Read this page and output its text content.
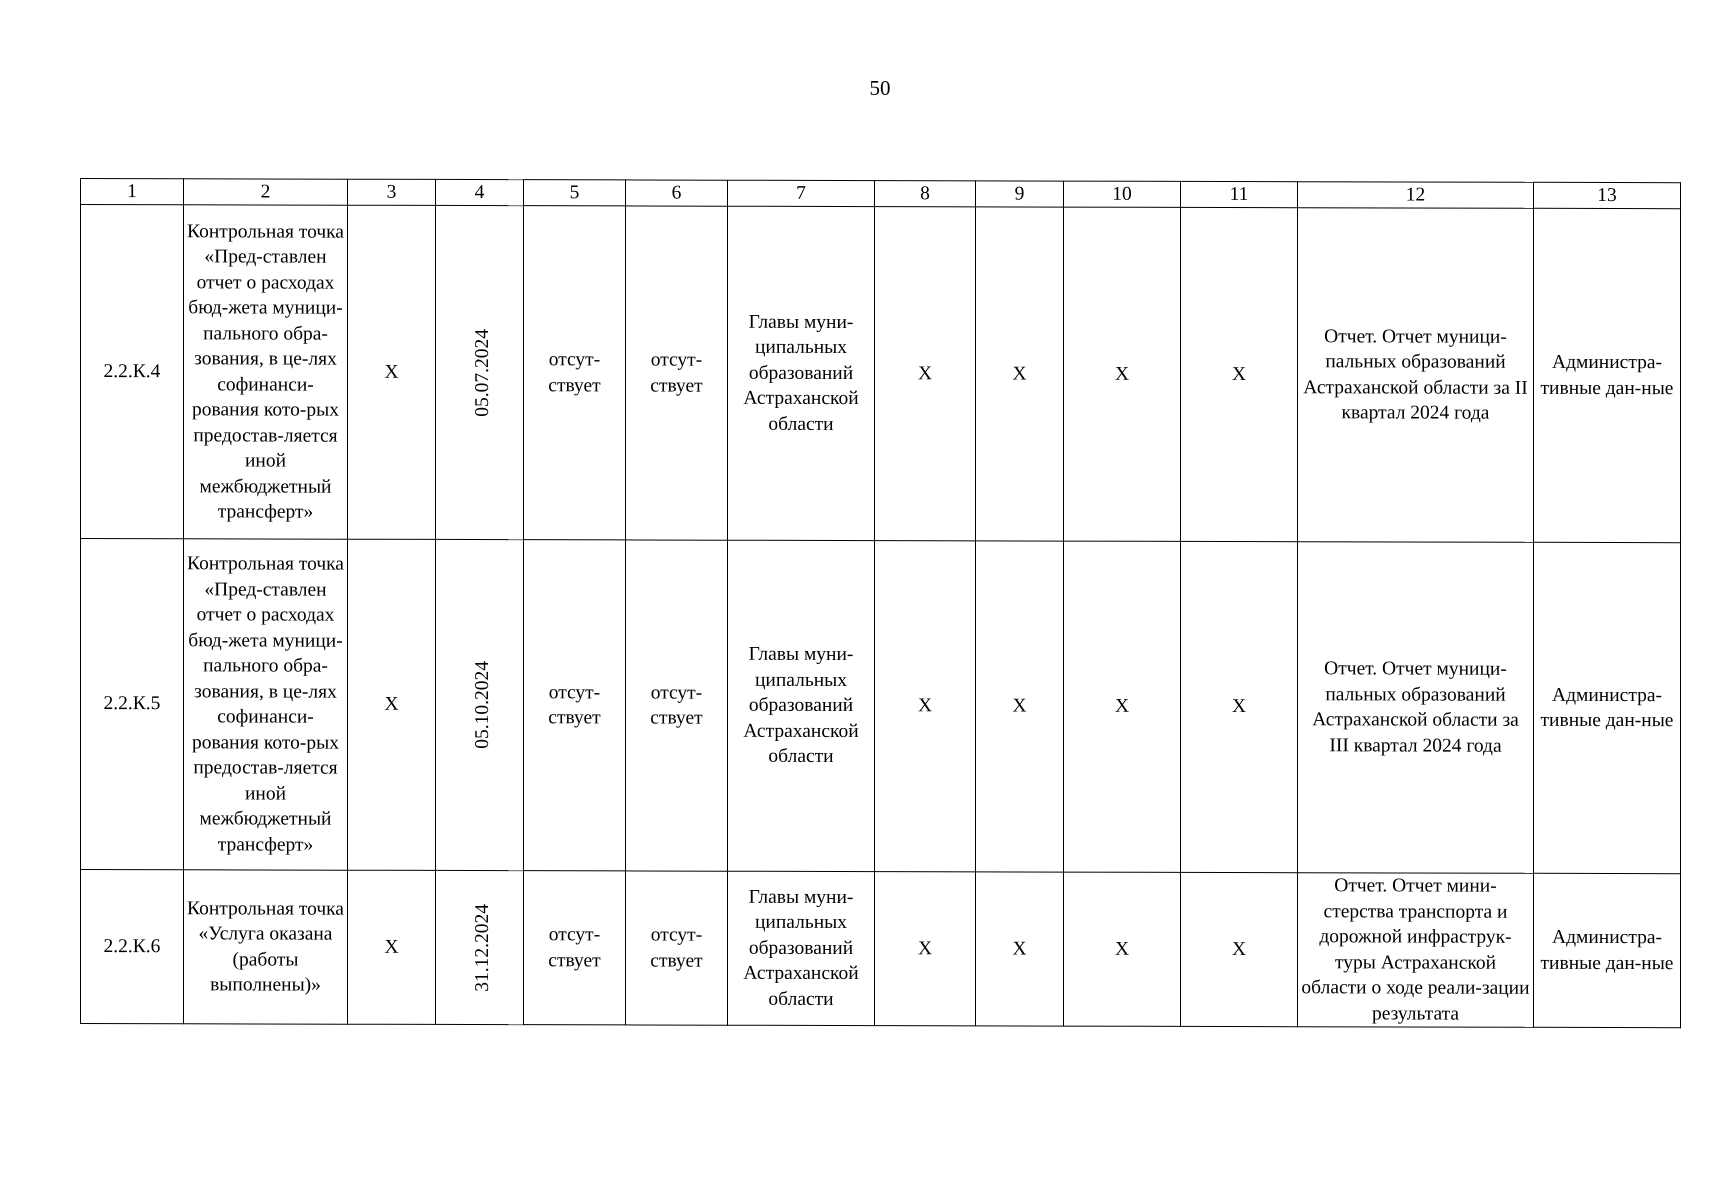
50
1	2	3	4	5	6	7	8	9	10	11	12	13
2.2.К.4	Контрольная точка «Пред-ставлен отчет о расходах бюд-жета муници-пального обра-зования, в це-лях софинанси-рования кото-рых предостав-ляется иной межбюджетный трансферт»	X	05.07.2024	отсут-ствует	отсут-ствует	Главы муни-ципальных образований Астраханской области	X	X	X	X	Отчет. Отчет муници-пальных образований Астраханской области за II квартал 2024 года	Администра-тивные дан-ные
2.2.К.5	Контрольная точка «Пред-ставлен отчет о расходах бюд-жета муници-пального обра-зования, в це-лях софинанси-рования кото-рых предостав-ляется иной межбюджетный трансферт»	X	05.10.2024	отсут-ствует	отсут-ствует	Главы муни-ципальных образований Астраханской области	X	X	X	X	Отчет. Отчет муници-пальных образований Астраханской области за III квартал 2024 года	Администра-тивные дан-ные
2.2.К.6	Контрольная точка «Услуга оказана (работы выполнены)»	X	31.12.2024	отсут-ствует	отсут-ствует	Главы муни-ципальных образований Астраханской области	X	X	X	X	Отчет. Отчет мини-стерства транспорта и дорожной инфраструк-туры Астраханской области о ходе реали-зации результата	Администра-тивные дан-ные
